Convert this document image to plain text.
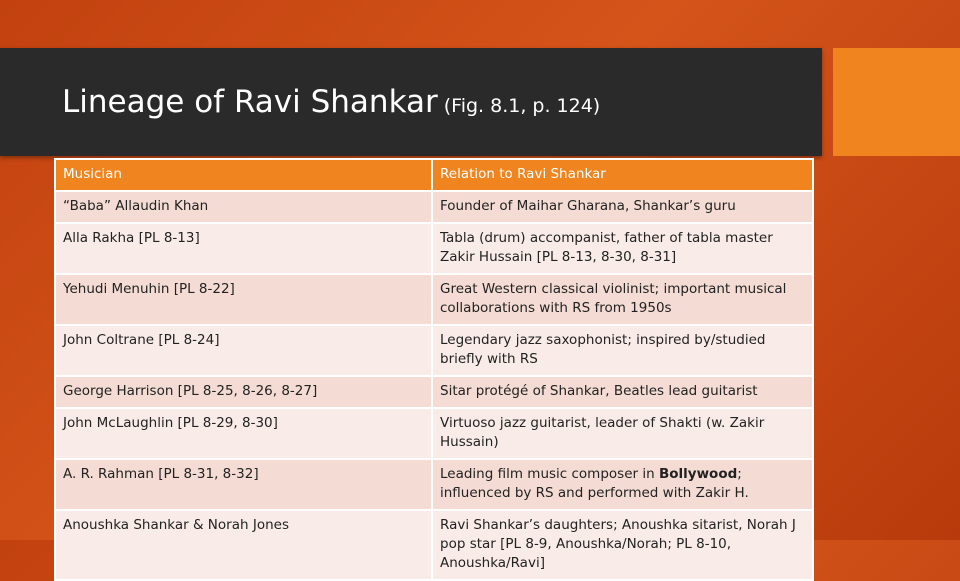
Lineage of Ravi Shankar (Fig. 8.1, p. 124)
Musician	Relation to Ravi Shankar
“Baba” Allaudin Khan	Founder of Maihar Gharana, Shankar’s guru
Alla Rakha [PL 8-13]	Tabla (drum) accompanist, father of tabla master Zakir Hussain [PL 8-13, 8-30, 8-31]
Yehudi Menuhin [PL 8-22]	Great Western classical violinist; important musical collaborations with RS from 1950s
John Coltrane [PL 8-24]	Legendary jazz saxophonist; inspired by/studied briefly with RS
George Harrison [PL 8-25, 8-26, 8-27]	Sitar protégé of Shankar, Beatles lead guitarist
John McLaughlin [PL 8-29, 8-30]	Virtuoso jazz guitarist, leader of Shakti (w. Zakir Hussain)
A. R. Rahman [PL 8-31, 8-32]	Leading film music composer in Bollywood; influenced by RS and performed with Zakir H.
Anoushka Shankar & Norah Jones	Ravi Shankar’s daughters; Anoushka sitarist, Norah J pop star [PL 8-9, Anoushka/Norah; PL 8-10, Anoushka/Ravi]
